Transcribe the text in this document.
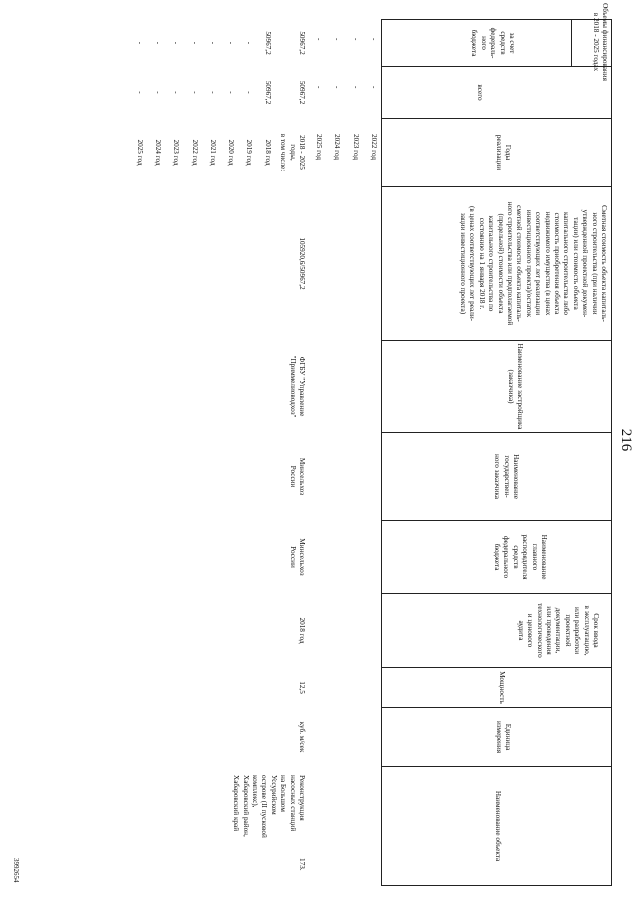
216
Объемы финансирования
в 2018 - 2025 годах
Наименование объекта
Единица
измерения
Мощность
Срок ввода
в эксплуатацию,
или разработки
проектной
документации,
или проведения
технологического
и ценового
аудита
Наименование
главного
распорядителя
средств
федерального
бюджета
Наименование
государствен-
ного заказчика
Наименование застройщика
(заказчика)
Сметная стоимость объекта капиталь-
ного строительства (при наличии
утвержденной проектной докумен-
тации) или стоимость объекта
капитального строительства либо
стоимость приобретения объекта
недвижимого имущества (в ценах
соответствующих лет реализации
инвестиционного проекта)/остаток
сметной стоимости объекта капиталь-
ного строительства или предполагаемой
(предельной) стоимости объекта
капитального строительства по
состоянию на 1 января 2018 г.
(в ценах соответствующих лет реали-
зации инвестиционного проекта)
Годы
реализации
всего
за счет
средств
федераль-
ного
бюджета
2022 год
-
-
2023 год
-
-
2024 год
-
-
2025 год
-
-
173.
Реконструкция
насосных станций
на Большом
Уссурийском
острове (II пусковой
комплекс),
Хабаровский район,
Хабаровский край
куб. м/сек
12,5
2018 год
Минсельхоз
России
Минсельхоз
России
ФГБУ "Управление
"Приммелиоводхоз"
105920,6/50967,2
2018 - 2025
годы,
в том числе:
50967,2
50967,2
2018 год
50967,2
50967,2
2019 год
-
-
2020 год
-
-
2021 год
-
-
2022 год
-
-
2023 год
-
-
2024 год
-
-
2025 год
-
-
3992654
